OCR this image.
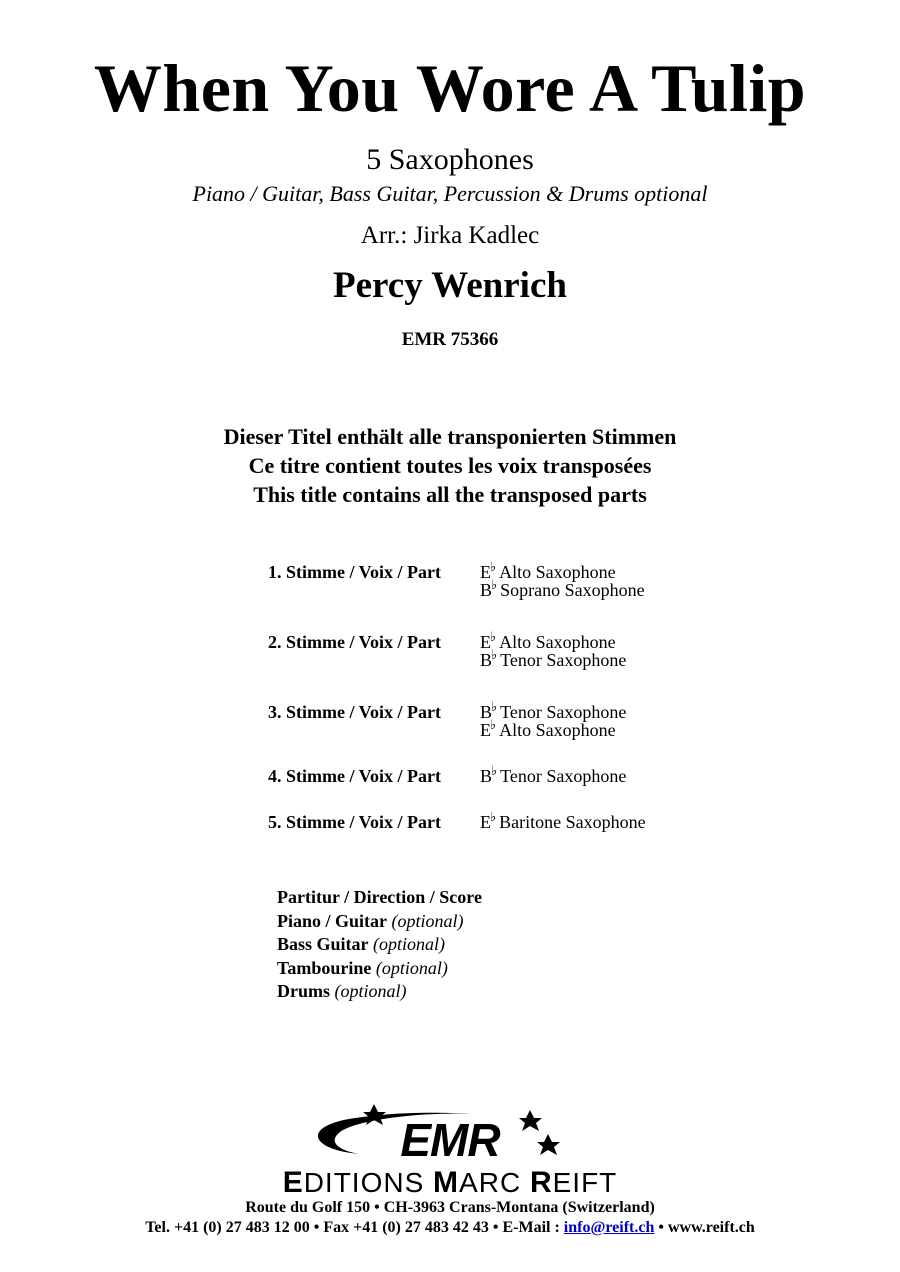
When You Wore A Tulip
5 Saxophones
Piano / Guitar, Bass Guitar, Percussion & Drums optional
Arr.: Jirka Kadlec
Percy Wenrich
EMR 75366
Dieser Titel enthält alle transponierten Stimmen
Ce titre contient toutes les voix transposées
This title contains all the transposed parts
1. Stimme / Voix / Part E♭ Alto Saxophone
B♭ Soprano Saxophone
2. Stimme / Voix / Part E♭ Alto Saxophone
B♭ Tenor Saxophone
3. Stimme / Voix / Part B♭ Tenor Saxophone
E♭ Alto Saxophone
4. Stimme / Voix / Part B♭ Tenor Saxophone
5. Stimme / Voix / Part E♭ Baritone Saxophone
Partitur / Direction / Score
Piano / Guitar (optional)
Bass Guitar (optional)
Tambourine (optional)
Drums (optional)
EMR
EDITIONS MARC REIFT
Route du Golf 150 • CH-3963 Crans-Montana (Switzerland)
Tel. +41 (0) 27 483 12 00 • Fax +41 (0) 27 483 42 43 • E-Mail : info@reift.ch • www.reift.ch
